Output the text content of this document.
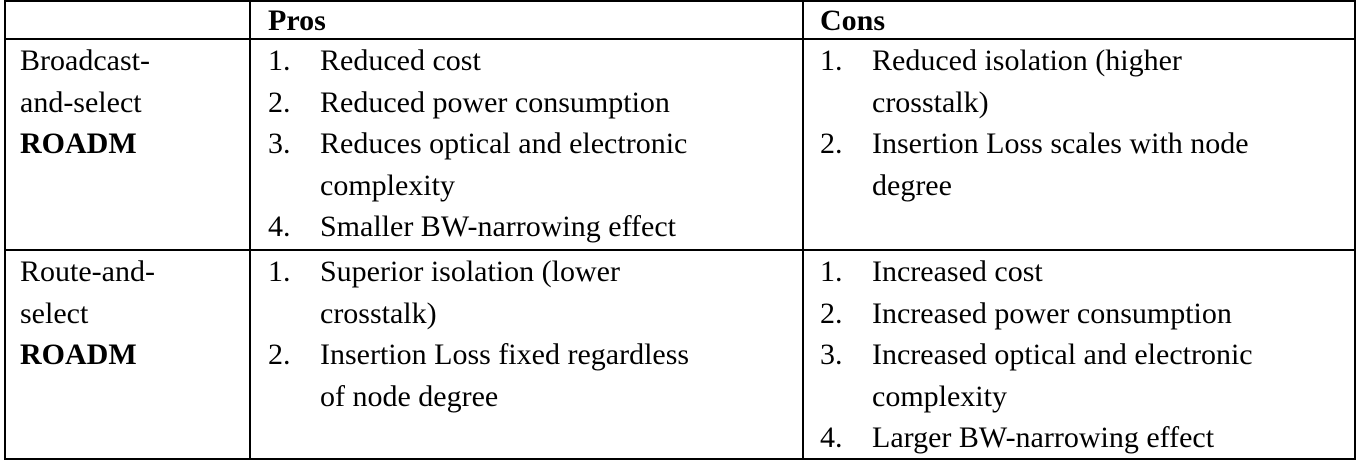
Pros	Cons
Broadcast-
and-select
ROADM
1. Reduced cost
2. Reduced power consumption
3. Reduces optical and electronic
complexity
4. Smaller BW-narrowing effect
1. Reduced isolation (higher
crosstalk)
2. Insertion Loss scales with node
degree
Route-and-
select
ROADM
1. Superior isolation (lower
crosstalk)
2. Insertion Loss fixed regardless
of node degree
1. Increased cost
2. Increased power consumption
3. Increased optical and electronic
complexity
4. Larger BW-narrowing effect
